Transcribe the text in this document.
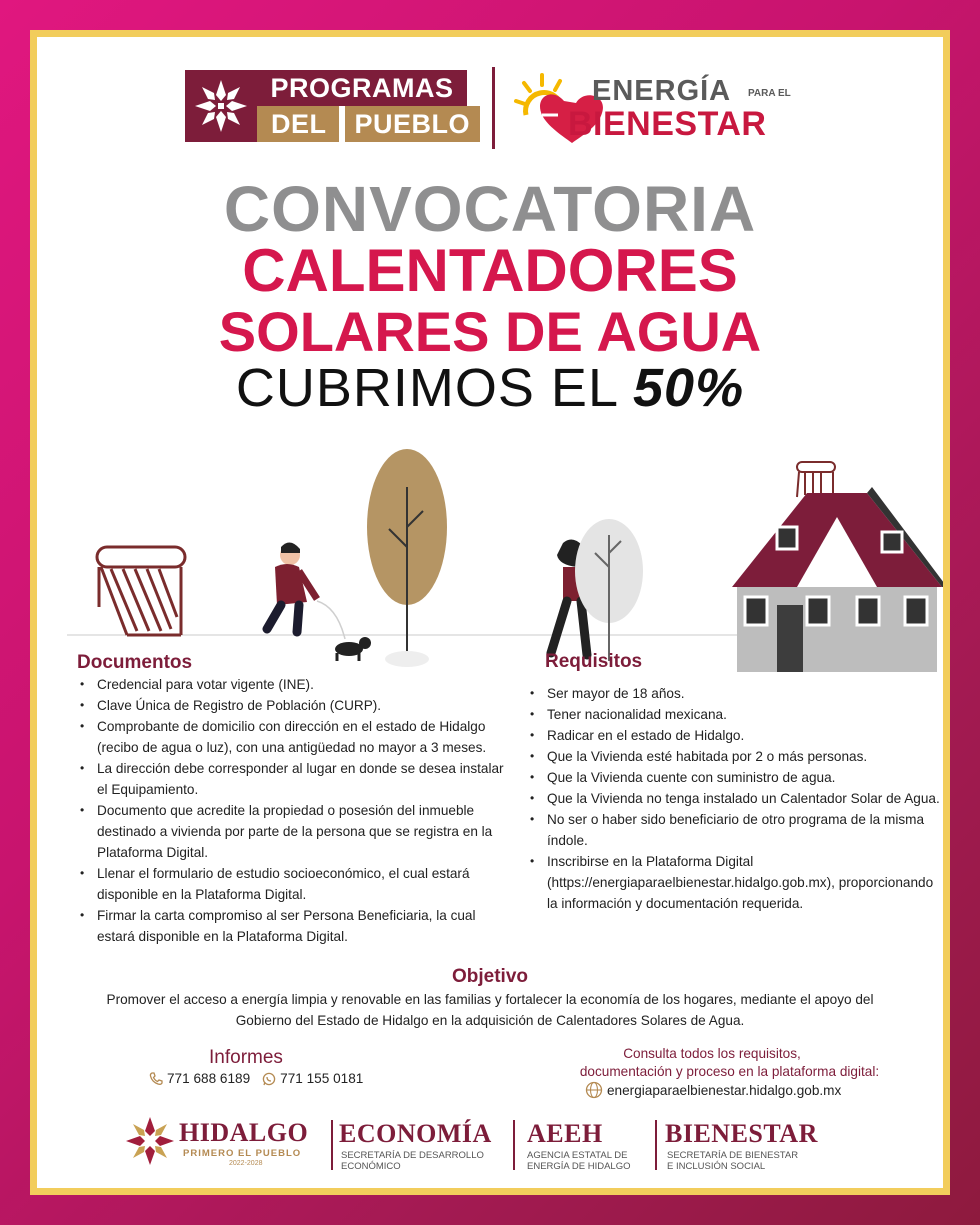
PROGRAMAS
DEL	PUEBLO
ENERGÍA PARA EL
BIENESTAR
CONVOCATORIA
CALENTADORES
SOLARES DE AGUA
CUBRIMOS EL 50%
Documentos
• Credencial para votar vigente (INE).
• Clave Única de Registro de Población (CURP).
• Comprobante de domicilio con dirección en el estado de Hidalgo (recibo de agua o luz), con una antigüedad no mayor a 3 meses.
• La dirección debe corresponder al lugar en donde se desea instalar el Equipamiento.
• Documento que acredite la propiedad o posesión del inmueble destinado a vivienda por parte de la persona que se registra en la Plataforma Digital.
• Llenar el formulario de estudio socioeconómico, el cual estará disponible en la Plataforma Digital.
• Firmar la carta compromiso al ser Persona Beneficiaria, la cual estará disponible en la Plataforma Digital.
Requisitos
• Ser mayor de 18 años.
• Tener nacionalidad mexicana.
• Radicar en el estado de Hidalgo.
• Que la Vivienda esté habitada por 2 o más personas.
• Que la Vivienda cuente con suministro de agua.
• Que la Vivienda no tenga instalado un Calentador Solar de Agua.
• No ser o haber sido beneficiario de otro programa de la misma índole.
• Inscribirse en la Plataforma Digital (https://energiaparaelbienestar.hidalgo.gob.mx), proporcionando la información y documentación requerida.
Objetivo
Promover el acceso a energía limpia y renovable en las familias y fortalecer la economía de los hogares, mediante el apoyo del Gobierno del Estado de Hidalgo en la adquisición de Calentadores Solares de Agua.
Informes
771 688 6189 771 155 0181
Consulta todos los requisitos,
documentación y proceso en la plataforma digital:
energiaparaelbienestar.hidalgo.gob.mx
HIDALGO
PRIMERO EL PUEBLO
2022-2028
ECONOMÍA
SECRETARÍA DE DESARROLLO
ECONÓMICO
AEEH
AGENCIA ESTATAL DE
ENERGÍA DE HIDALGO
BIENESTAR
SECRETARÍA DE BIENESTAR
E INCLUSIÓN SOCIAL
